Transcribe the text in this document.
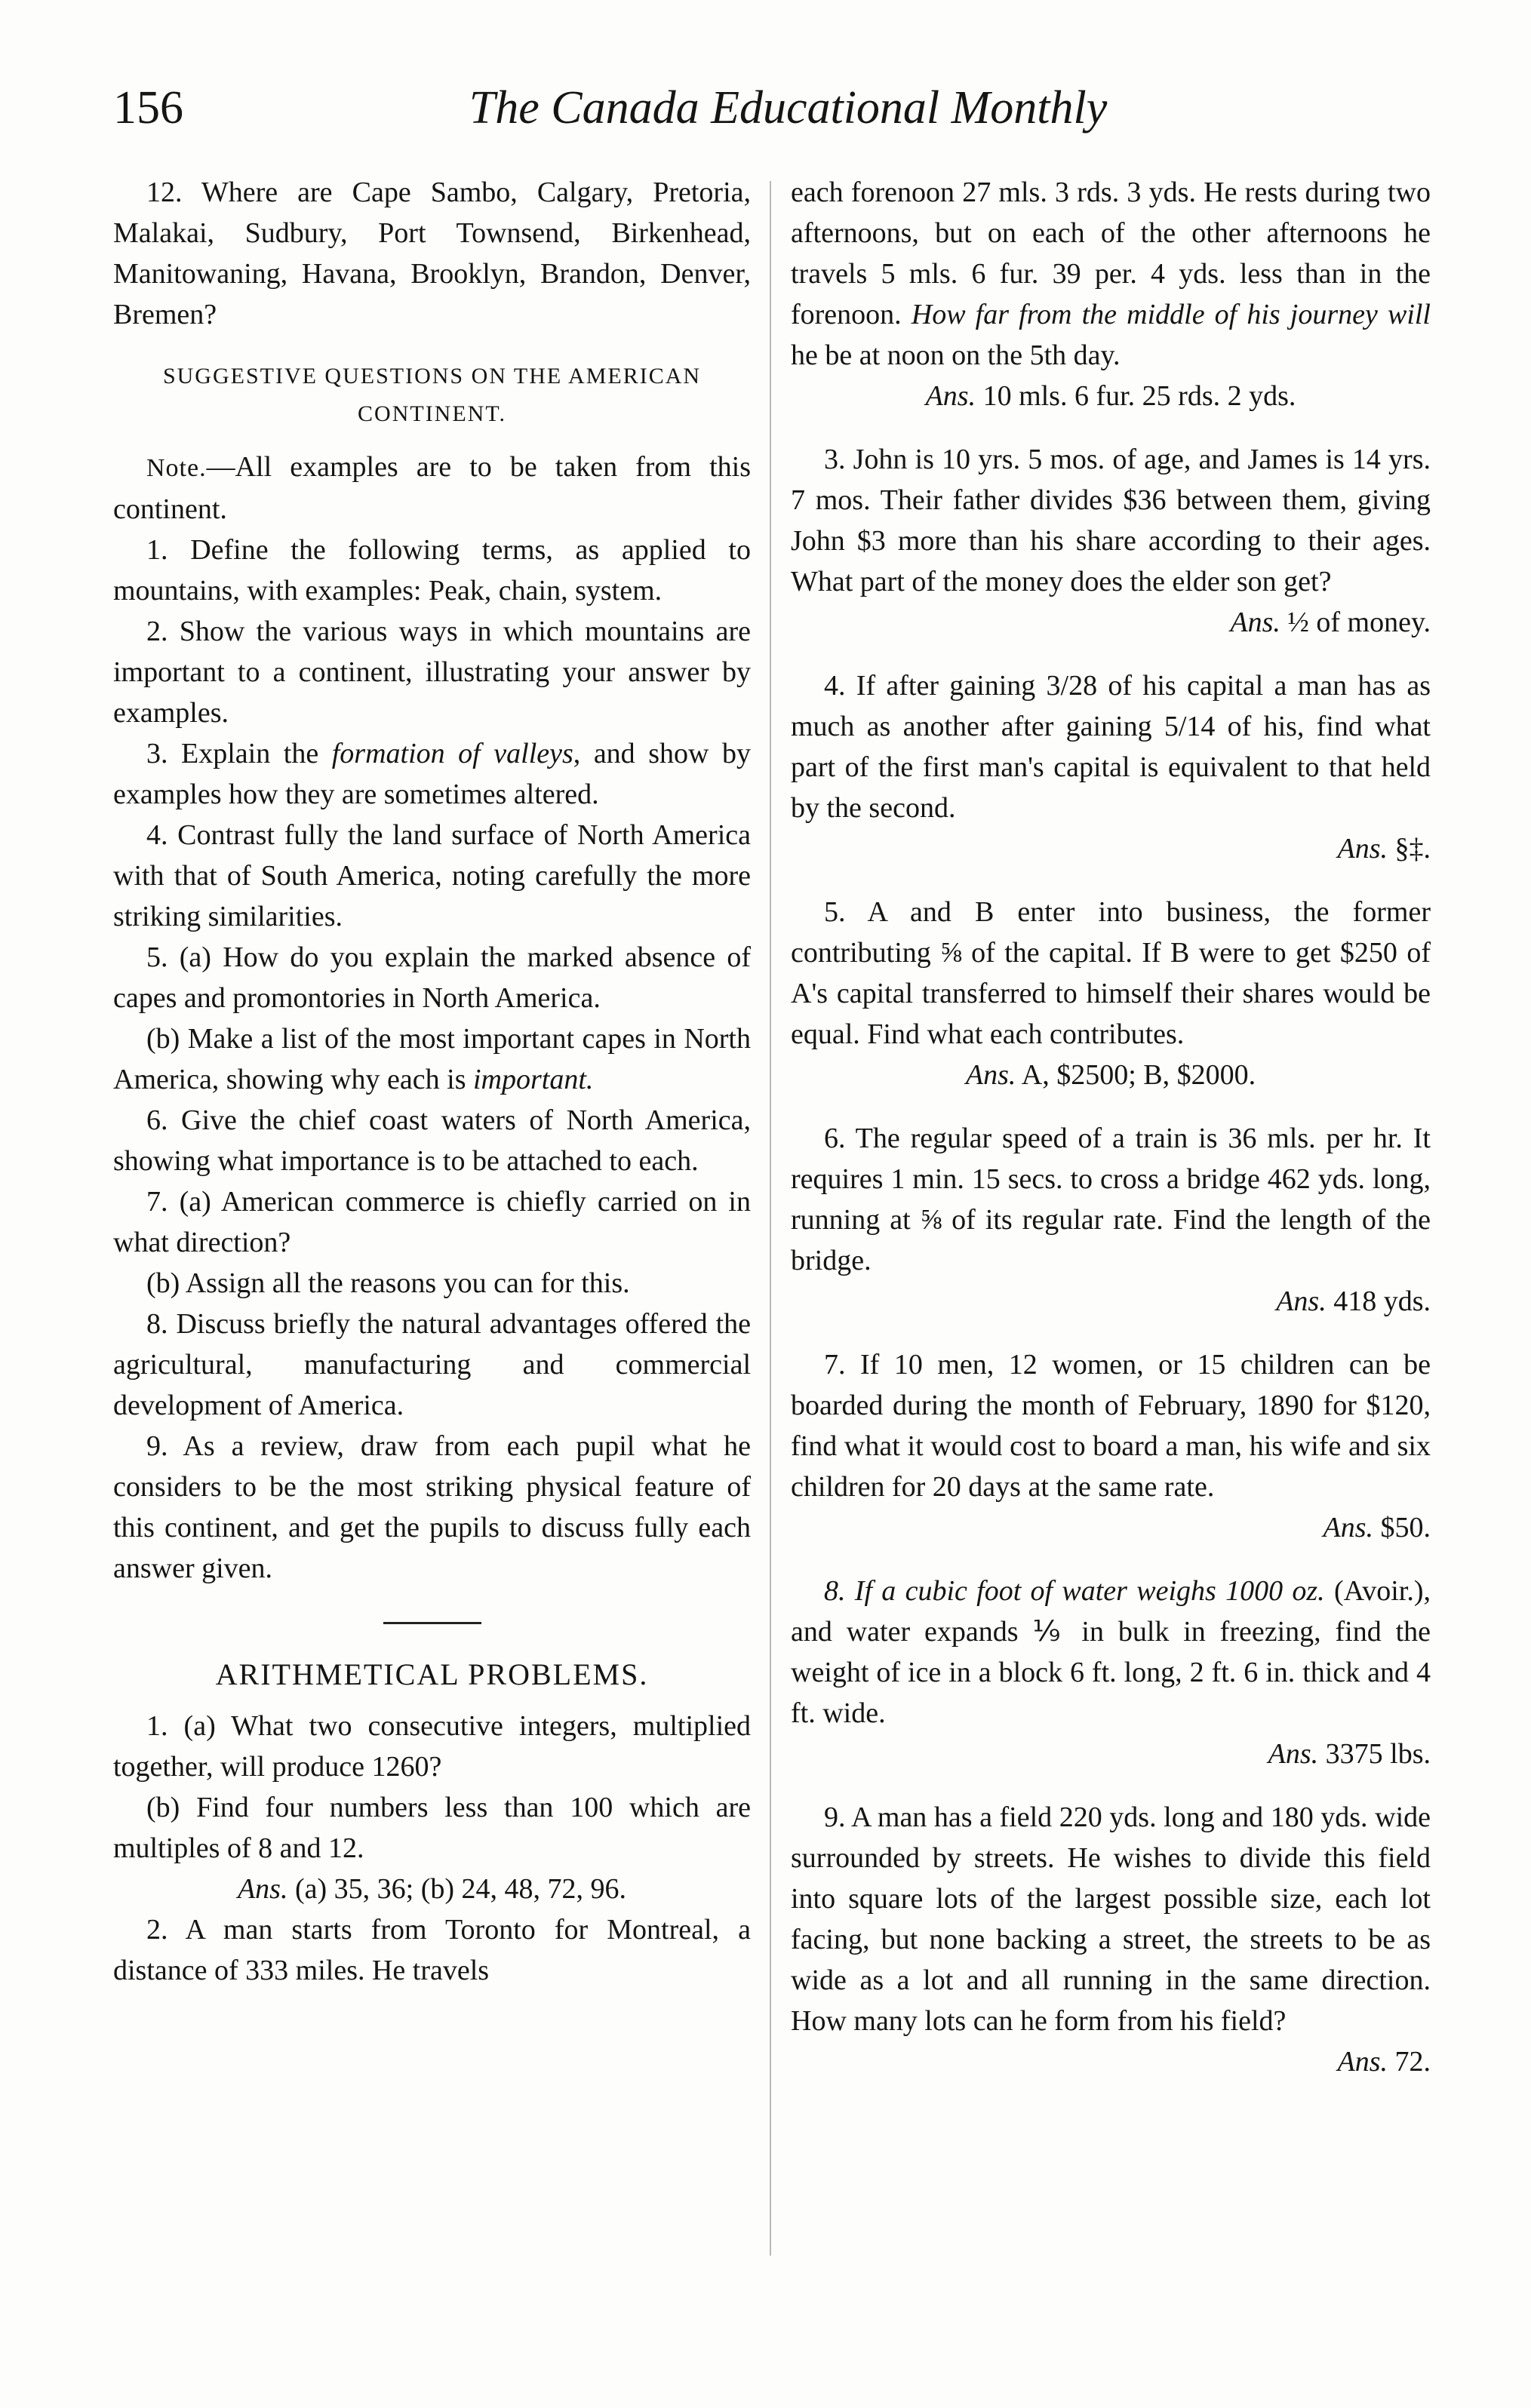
156	The Canada Educational Monthly

12. Where are Cape Sambo, Calgary, Pretoria, Malakai, Sudbury, Port Townsend, Birkenhead, Manitowaning, Havana, Brooklyn, Brandon, Denver, Bremen?

SUGGESTIVE QUESTIONS ON THE AMERICAN CONTINENT.

Note.—All examples are to be taken from this continent.

1. Define the following terms, as applied to mountains, with examples: Peak, chain, system.

2. Show the various ways in which mountains are important to a continent, illustrating your answer by examples.

3. Explain the formation of valleys, and show by examples how they are sometimes altered.

4. Contrast fully the land surface of North America with that of South America, noting carefully the more striking similarities.

5. (a) How do you explain the marked absence of capes and promontories in North America.

(b) Make a list of the most important capes in North America, showing why each is important.

6. Give the chief coast waters of North America, showing what importance is to be attached to each.

7. (a) American commerce is chiefly carried on in what direction?

(b) Assign all the reasons you can for this.

8. Discuss briefly the natural advantages offered the agricultural, manufacturing and commercial development of America.

9. As a review, draw from each pupil what he considers to be the most striking physical feature of this continent, and get the pupils to discuss fully each answer given.

ARITHMETICAL PROBLEMS.

1. (a) What two consecutive integers, multiplied together, will produce 1260?

(b) Find four numbers less than 100 which are multiples of 8 and 12.

Ans. (a) 35, 36; (b) 24, 48, 72, 96.

2. A man starts from Toronto for Montreal, a distance of 333 miles. He travels

each forenoon 27 mls. 3 rds. 3 yds. He rests during two afternoons, but on each of the other afternoons he travels 5 mls. 6 fur. 39 per. 4 yds. less than in the forenoon. How far from the middle of his journey will he be at noon on the 5th day.

Ans. 10 mls. 6 fur. 25 rds. 2 yds.

3. John is 10 yrs. 5 mos. of age, and James is 14 yrs. 7 mos. Their father divides $36 between them, giving John $3 more than his share according to their ages. What part of the money does the elder son get?

Ans. ½ of money.

4. If after gaining 3/28 of his capital a man has as much as another after gaining 5/14 of his, find what part of the first man's capital is equivalent to that held by the second.

Ans. §‡.

5. A and B enter into business, the former contributing ⅝ of the capital. If B were to get $250 of A's capital transferred to himself their shares would be equal. Find what each contributes.

Ans. A, $2500; B, $2000.

6. The regular speed of a train is 36 mls. per hr. It requires 1 min. 15 secs. to cross a bridge 462 yds. long, running at ⅝ of its regular rate. Find the length of the bridge.

Ans. 418 yds.

7. If 10 men, 12 women, or 15 children can be boarded during the month of February, 1890 for $120, find what it would cost to board a man, his wife and six children for 20 days at the same rate.

Ans. $50.

8. If a cubic foot of water weighs 1000 oz. (Avoir.), and water expands ⅑ in bulk in freezing, find the weight of ice in a block 6 ft. long, 2 ft. 6 in. thick and 4 ft. wide.

Ans. 3375 lbs.

9. A man has a field 220 yds. long and 180 yds. wide surrounded by streets. He wishes to divide this field into square lots of the largest possible size, each lot facing, but none backing a street, the streets to be as wide as a lot and all running in the same direction. How many lots can he form from his field?

Ans. 72.
